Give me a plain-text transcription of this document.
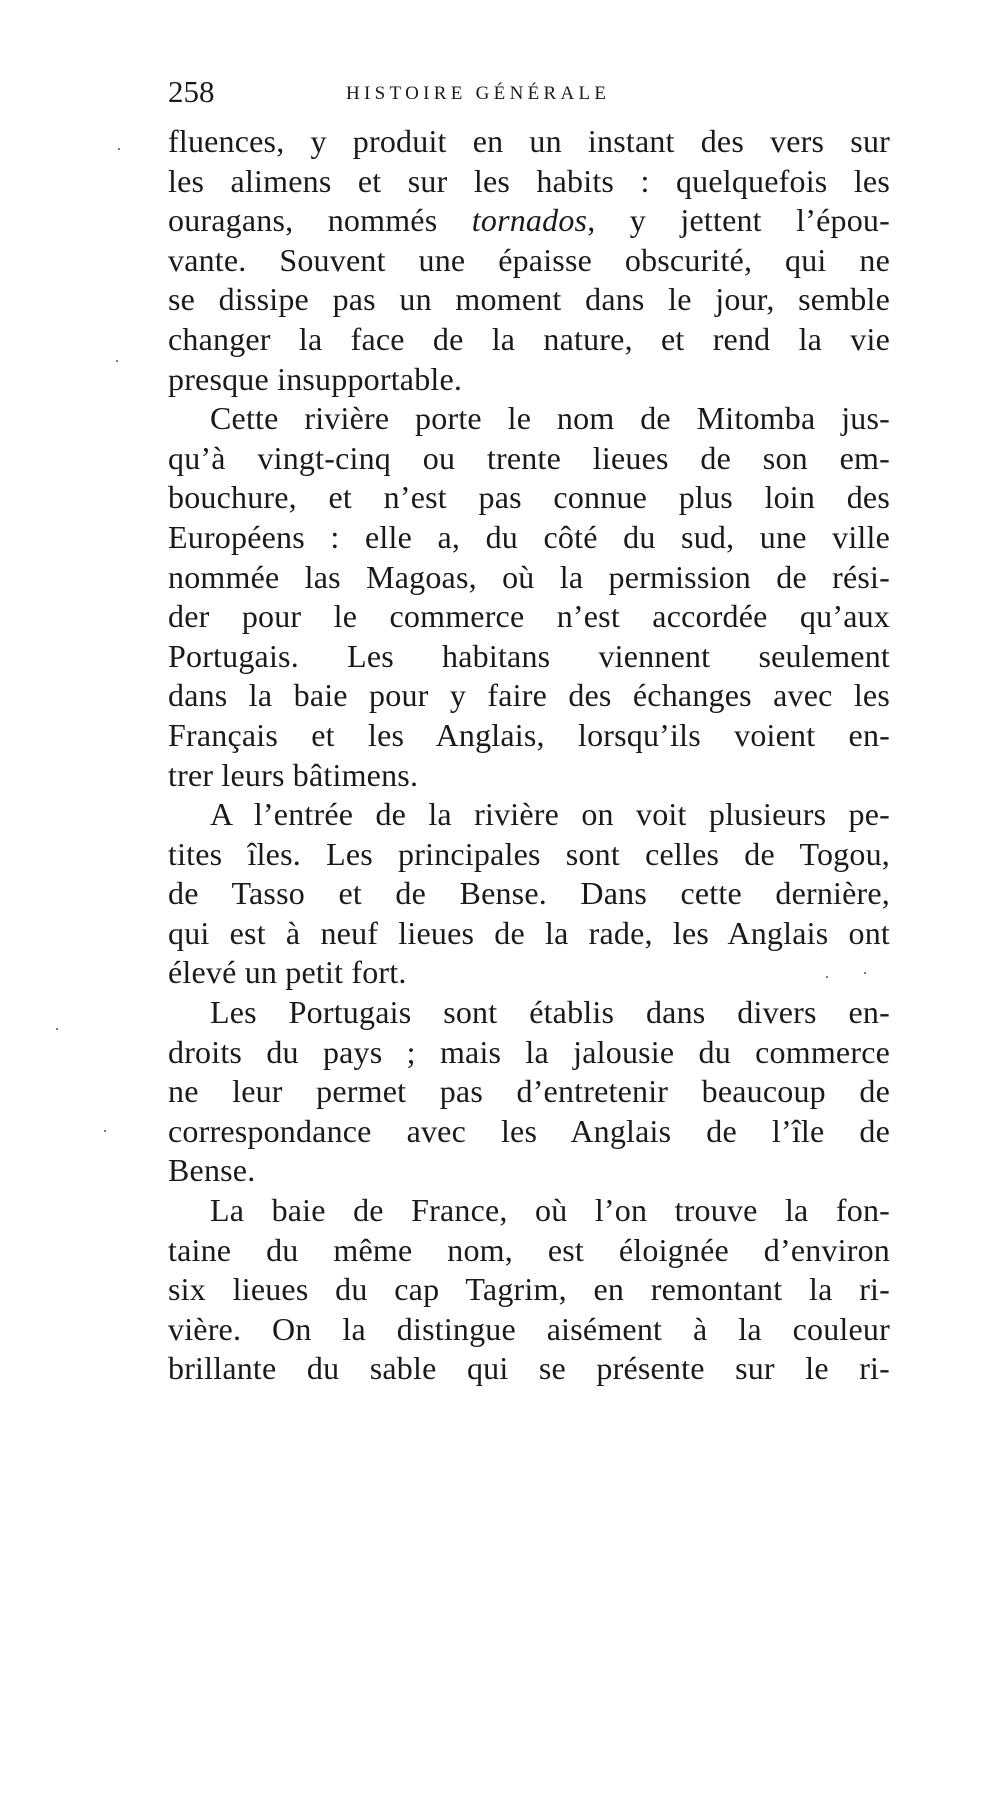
258	HISTOIRE GÉNÉRALE
fluences, y produit en un instant des vers sur
les alimens et sur les habits : quelquefois les
ouragans, nommés tornados, y jettent l’épou-
vante. Souvent une épaisse obscurité, qui ne
se dissipe pas un moment dans le jour, semble
changer la face de la nature, et rend la vie
presque insupportable.
Cette rivière porte le nom de Mitomba jus-
qu’à vingt-cinq ou trente lieues de son em-
bouchure, et n’est pas connue plus loin des
Européens : elle a, du côté du sud, une ville
nommée las Magoas, où la permission de rési-
der pour le commerce n’est accordée qu’aux
Portugais. Les habitans viennent seulement
dans la baie pour y faire des échanges avec les
Français et les Anglais, lorsqu’ils voient en-
trer leurs bâtimens.
A l’entrée de la rivière on voit plusieurs pe-
tites îles. Les principales sont celles de Togou,
de Tasso et de Bense. Dans cette dernière,
qui est à neuf lieues de la rade, les Anglais ont
élevé un petit fort.
Les Portugais sont établis dans divers en-
droits du pays ; mais la jalousie du commerce
ne leur permet pas d’entretenir beaucoup de
correspondance avec les Anglais de l’île de
Bense.
La baie de France, où l’on trouve la fon-
taine du même nom, est éloignée d’environ
six lieues du cap Tagrim, en remontant la ri-
vière. On la distingue aisément à la couleur
brillante du sable qui se présente sur le ri-
